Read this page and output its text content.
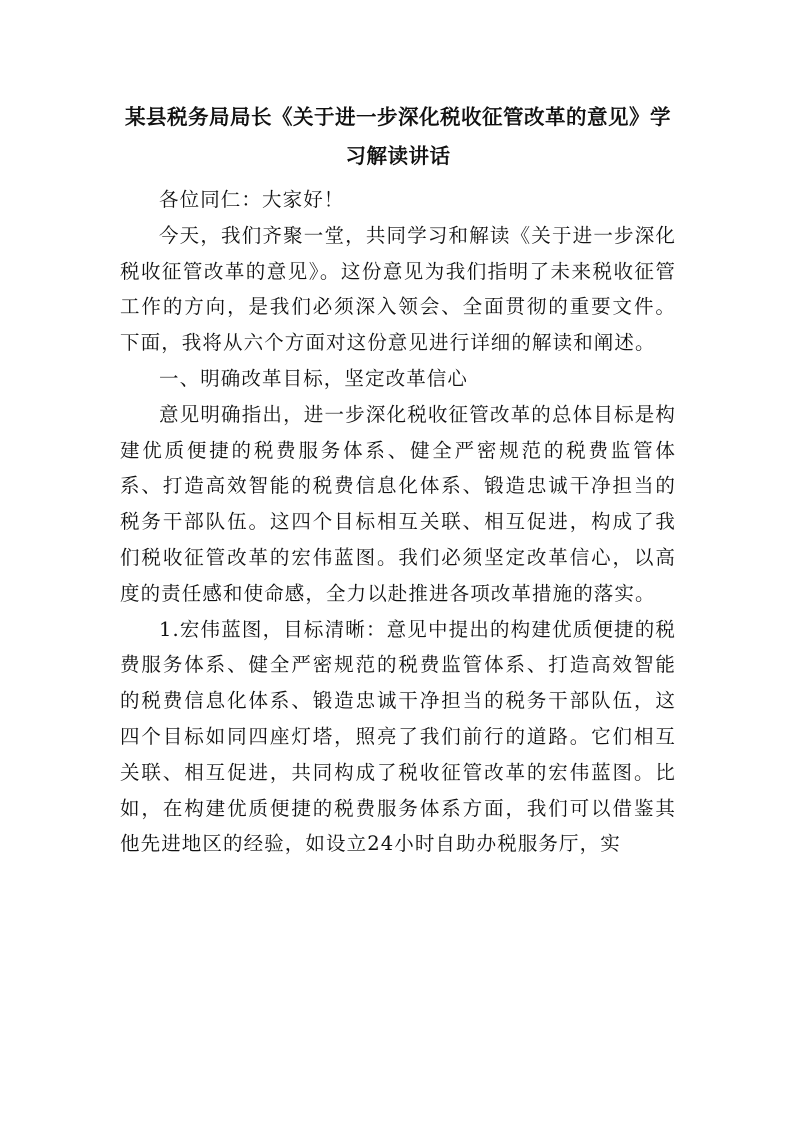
某县税务局局长《关于进一步深化税收征管改革的意见》学习解读讲话

各位同仁：大家好！

今天，我们齐聚一堂，共同学习和解读《关于进一步深化税收征管改革的意见》。这份意见为我们指明了未来税收征管工作的方向，是我们必须深入领会、全面贯彻的重要文件。下面，我将从六个方面对这份意见进行详细的解读和阐述。

一、明确改革目标，坚定改革信心

意见明确指出，进一步深化税收征管改革的总体目标是构建优质便捷的税费服务体系、健全严密规范的税费监管体系、打造高效智能的税费信息化体系、锻造忠诚干净担当的税务干部队伍。这四个目标相互关联、相互促进，构成了我们税收征管改革的宏伟蓝图。我们必须坚定改革信心，以高度的责任感和使命感，全力以赴推进各项改革措施的落实。

1.宏伟蓝图，目标清晰：意见中提出的构建优质便捷的税费服务体系、健全严密规范的税费监管体系、打造高效智能的税费信息化体系、锻造忠诚干净担当的税务干部队伍，这四个目标如同四座灯塔，照亮了我们前行的道路。它们相互关联、相互促进，共同构成了税收征管改革的宏伟蓝图。比如，在构建优质便捷的税费服务体系方面，我们可以借鉴其他先进地区的经验，如设立24小时自助办税服务厅，实
